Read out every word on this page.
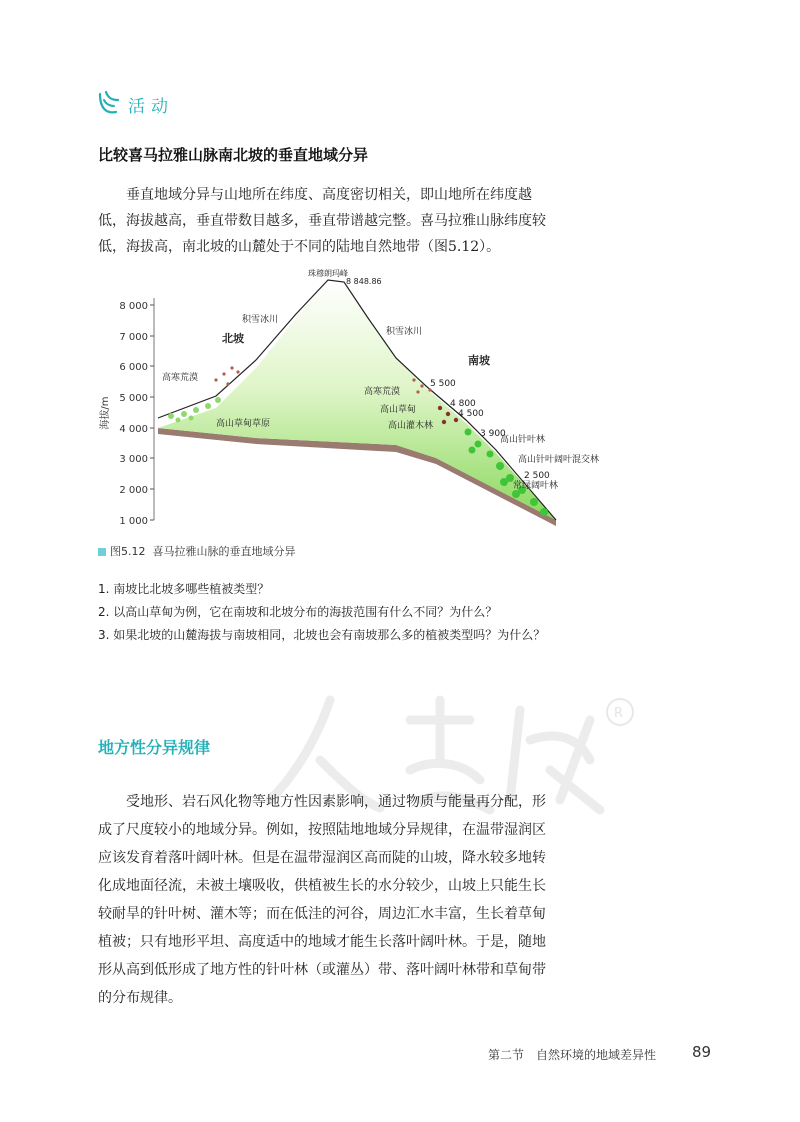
活动
比较喜马拉雅山脉南北坡的垂直地域分异

垂直地域分异与山地所在纬度、高度密切相关，即山地所在纬度越低，海拔越高，垂直带数目越多，垂直带谱越完整。喜马拉雅山脉纬度较低，海拔高，南北坡的山麓处于不同的陆地自然地带（图5.12）。

8 000
7 000
6 000
5 000
4 000
3 000
2 000
1 000
海拔/m
珠穆朗玛峰
8 848.86
积雪冰川
积雪冰川
北坡
南坡
高寒荒漠
高山草甸草原
高寒荒漠
高山草甸
高山灌木林
高山针叶林
高山针叶阔叶混交林
常绿阔叶林
5 500
4 800
4 500
3 900
2 500
图5.12 喜马拉雅山脉的垂直地域分异

1. 南坡比北坡多哪些植被类型？

2. 以高山草甸为例，它在南坡和北坡分布的海拔范围有什么不同？为什么？

3. 如果北坡的山麓海拔与南坡相同，北坡也会有南坡那么多的植被类型吗？为什么？

R
地方性分异规律

受地形、岩石风化物等地方性因素影响，通过物质与能量再分配，形成了尺度较小的地域分异。例如，按照陆地地域分异规律，在温带湿润区应该发育着落叶阔叶林。但是在温带湿润区高而陡的山坡，降水较多地转化成地面径流，未被土壤吸收，供植被生长的水分较少，山坡上只能生长较耐旱的针叶树、灌木等；而在低洼的河谷，周边汇水丰富，生长着草甸植被；只有地形平坦、高度适中的地域才能生长落叶阔叶林。于是，随地形从高到低形成了地方性的针叶林（或灌丛）带、落叶阔叶林带和草甸带的分布规律。

第二节　自然环境的地域差异性 89
